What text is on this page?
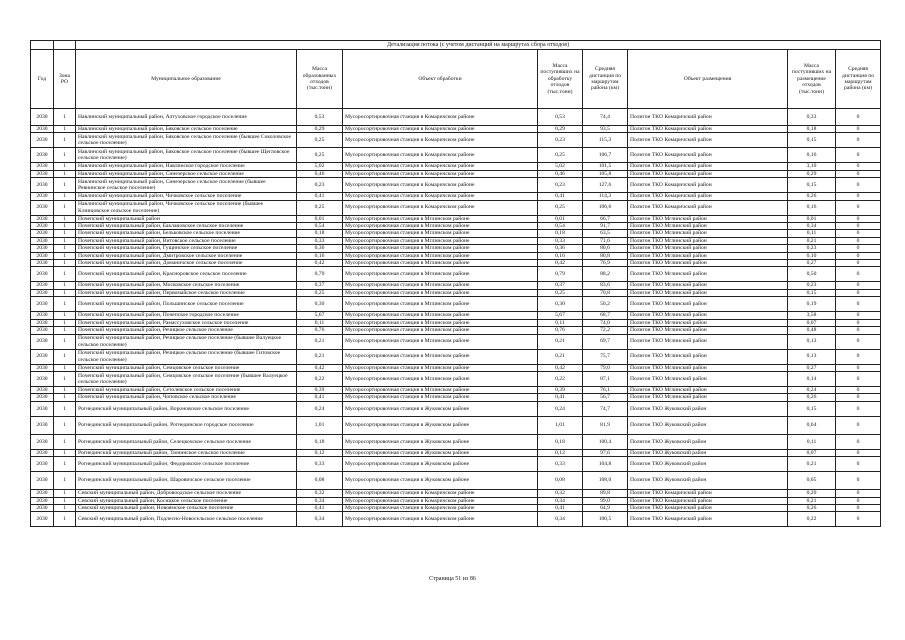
		Детализация потока (с учетом дистанций на маршрутах сбора отходов)							
Год	Зона РО	Муниципальное образование	Масса образованных отходов (тыс.тонн)	Объект обработки	Масса поступивших на обработку отходов (тыс.тонн)	Средняя дистанция по маршрутам района (км)	Объект размещения	Масса поступивших на размещение отходов (тыс.тонн)	Средняя дистанция по маршрутам района (км)
2030	1	Навлинский муниципальный район, Алтуховское городское поселение	0,53	Мусоросортировочная станция в Комаричском районе	0,53	74,4	Полигон ТКО Комаричский район	0,33	0
2030	1	Навлинский муниципальный район, Бяковское сельское поселение	0,29	Мусоросортировочная станция в Комаричском районе	0,29	93,5	Полигон ТКО Комаричский район	0,18	0
2030	1	Навлинский муниципальный район, Бяковское сельское поселение (бывшее Соколовское сельское поселение)	0,25	Мусоросортировочная станция в Комаричском районе	0,23	115,3	Полигон ТКО Комаричский район	0,15	0
2030	1	Навлинский муниципальный район, Бяковское сельское поселение (бывшее Щегловское сельское поселение)	0,25	Мусоросортировочная станция в Комаричском районе	0,25	106,7	Полигон ТКО Комаричский район	0,16	0
2030	1	Навлинский муниципальный район, Навлинское городское поселение	5,02	Мусоросортировочная станция в Комаричском районе	5,02	101,5	Полигон ТКО Комаричский район	3,10	0
2030	1	Навлинский муниципальный район, Синезерское сельское поселение	0,46	Мусоросортировочная станция в Комаричском районе	0,46	105,8	Полигон ТКО Комаричский район	0,29	0
2030	1	Навлинский муниципальный район, Синезерское сельское поселение (бывшее Ревнинское сельское поселение)	0,23	Мусоросортировочная станция в Комаричском районе	0,23	127,6	Полигон ТКО Комаричский район	0,15	0
2030	1	Навлинский муниципальный район, Чичковское сельское поселение	0,41	Мусоросортировочная станция в Комаричском районе	0,41	114,3	Полигон ТКО Комаричский район	0,26	0
2030	1	Навлинский муниципальный район, Чичковское сельское поселение (бывшее Клинцовское сельское поселение)	0,25	Мусоросортировочная станция в Комаричском районе	0,25	106,6	Полигон ТКО Комаричский район	0,16	0
2030	1	Почепский муниципальный район	0,01	Мусоросортировочная станция в Мглинском районе	0,01	66,7	Полигон ТКО Мглинский район	0,01	0
2030	1	Почепский муниципальный район, Баклановское сельское поселение	0,54	Мусоросортировочная станция в Мглинском районе	0,54	91,7	Полигон ТКО Мглинский район	0,34	0
2030	1	Почепский муниципальный район, Бельковское сельское поселение	0,18	Мусоросортировочная станция в Мглинском районе	0,18	63,5	Полигон ТКО Мглинский район	0,11	0
2030	1	Почепский муниципальный район, Витовское сельское поселение	0,33	Мусоросортировочная станция в Мглинском районе	0,33	71,6	Полигон ТКО Мглинский район	0,21	0
2030	1	Почепский муниципальный район, Гущинское сельское поселение	0,36	Мусоросортировочная станция в Мглинском районе	0,36	80,6	Полигон ТКО Мглинский район	0,23	0
2030	1	Почепский муниципальный район, Дмитровское сельское поселение	0,16	Мусоросортировочная станция в Мглинском районе	0,16	80,8	Полигон ТКО Мглинский район	0,10	0
2030	1	Почепский муниципальный район, Доманичское сельское поселение	0,42	Мусоросортировочная станция в Мглинском районе	0,42	76,9	Полигон ТКО Мглинский район	0,27	0
2030	1	Почепский муниципальный район, Красноровское сельское поселение	0,79	Мусоросортировочная станция в Мглинском районе	0,79	88,2	Полигон ТКО Мглинский район	0,50	0
2030	1	Почепский муниципальный район, Московское сельское поселение	0,37	Мусоросортировочная станция в Мглинском районе	0,37	83,6	Полигон ТКО Мглинский район	0,23	0
2030	1	Почепский муниципальный район, Первомайское сельское поселение	0,25	Мусоросортировочная станция в Мглинском районе	0,25	70,8	Полигон ТКО Мглинский район	0,15	0
2030	1	Почепский муниципальный район, Польшинское сельское поселение	0,30	Мусоросортировочная станция в Мглинском районе	0,30	50,2	Полигон ТКО Мглинский район	0,19	0
2030	1	Почепский муниципальный район, Почепское городское поселение	5,67	Мусоросортировочная станция в Мглинском районе	5,67	68,7	Полигон ТКО Мглинский район	3,58	0
2030	1	Почепский муниципальный район, Рамассуховское сельское поселение	0,11	Мусоросортировочная станция в Мглинском районе	0,11	74,0	Полигон ТКО Мглинский район	0,07	0
2030	1	Почепский муниципальный район, Речицкое сельское поселение	0,76	Мусоросортировочная станция в Мглинском районе	0,76	72,2	Полигон ТКО Мглинский район	0,48	0
2030	1	Почепский муниципальный район, Речицкое сельское поселение (бывшее Валуецкое сельское поселение)	0,21	Мусоросортировочная станция в Мглинском районе	0,21	69,7	Полигон ТКО Мглинский район	0,13	0
2030	1	Почепский муниципальный район, Речицкое сельское поселение (бывшее Гитовское сельское поселение)	0,21	Мусоросортировочная станция в Мглинском районе	0,21	75,7	Полигон ТКО Мглинский район	0,13	0
2030	1	Почепский муниципальный район, Семцовское сельское поселение	0,42	Мусоросортировочная станция в Мглинском районе	0,42	79,0	Полигон ТКО Мглинский район	0,27	0
2030	1	Почепский муниципальный район, Семцовское сельское поселение (бывшее Валуецкое сельское поселение)	0,22	Мусоросортировочная станция в Мглинском районе	0,22	87,1	Полигон ТКО Мглинский район	0,14	0
2030	1	Почепский муниципальный район, Сетолевское сельское поселение	0,39	Мусоросортировочная станция в Мглинском районе	0,39	76,1	Полигон ТКО Мглинский район	0,24	0
2030	1	Почепский муниципальный район, Чоповское сельское поселение	0,41	Мусоросортировочная станция в Мглинском районе	0,41	56,7	Полигон ТКО Мглинский район	0,26	0
2030	1	Рогнединский муниципальный район, Вороновское сельское поселение	0,24	Мусоросортировочная станция в Жуковском районе	0,24	74,7	Полигон ТКО Жуковский район	0,15	0
2030	1	Рогнединский муниципальный район, Рогнединское городское поселение	1,01	Мусоросортировочная станция в Жуковском районе	1,01	81,9	Полигон ТКО Жуковский район	0,64	0
2030	1	Рогнединский муниципальный район, Селецкочское сельское поселение	0,18	Мусоросортировочная станция в Жуковском районе	0,18	100,4	Полигон ТКО Жуковский район	0,11	0
2030	1	Рогнединский муниципальный район, Тюнинское сельское поселение	0,12	Мусоросортировочная станция в Жуковском районе	0,12	97,6	Полигон ТКО Жуковский район	0,07	0
2030	1	Рогнединский муниципальный район, Федоровское сельское поселение	0,33	Мусоросортировочная станция в Жуковском районе	0,33	104,8	Полигон ТКО Жуковский район	0,21	0
2030	1	Рогнединский муниципальный район, Шаровичское сельское поселение	0,08	Мусоросортировочная станция в Жуковском районе	0,08	108,0	Полигон ТКО Жуковский район	0,05	0
2030	1	Севский муниципальный район, Добровоодское сельское поселение	0,32	Мусоросортировочная станция в Комаричском районе	0,32	89,8	Полигон ТКО Комаричский район	0,20	0
2030	1	Севский муниципальный район, Косицкое сельское поселение	0,34	Мусоросортировочная станция в Комаричском районе	0,34	99,0	Полигон ТКО Комаричский район	0,21	0
2030	1	Севский муниципальный район, Новоямское сельское поселение	0,41	Мусоросортировочная станция в Комаричском районе	0,41	64,9	Полигон ТКО Комаричский район	0,26	0
2030	1	Севский муниципальный район, Подлесно-Новосельское сельское поселение	0,34	Мусоросортировочная станция в Комаричском районе	0,34	100,5	Полигон ТКО Комаричский район	0,22	0
Страница 51 из 86
